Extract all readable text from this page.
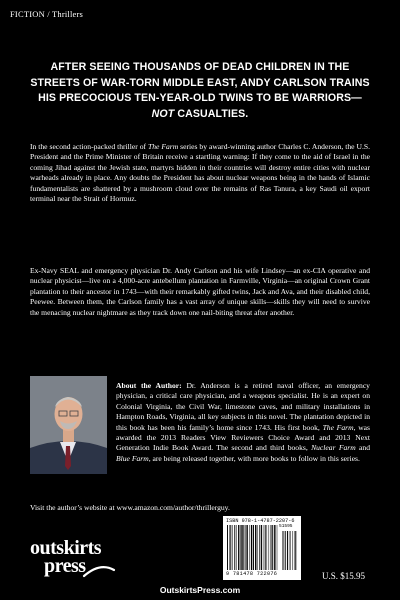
FICTION / Thrillers
AFTER SEEING THOUSANDS OF DEAD CHILDREN IN THE STREETS OF WAR-TORN MIDDLE EAST, ANDY CARLSON TRAINS HIS PRECOCIOUS TEN-YEAR-OLD TWINS TO BE WARRIORS—NOT CASUALTIES.

In the second action-packed thriller of The Farm series by award-winning author Charles C. Anderson, the U.S. President and the Prime Minister of Britain receive a startling warning: If they come to the aid of Israel in the coming Jihad against the Jewish state, martyrs hidden in their countries will destroy entire cities with nuclear warheads already in place. Any doubts the President has about nuclear weapons being in the hands of Islamic fundamentalists are shattered by a mushroom cloud over the remains of Ras Tanura, a key Saudi oil export terminal near the Strait of Hormuz.

Ex-Navy SEAL and emergency physician Dr. Andy Carlson and his wife Lindsey—an ex-CIA operative and nuclear physicist—live on a 4,000-acre antebellum plantation in Farmville, Virginia—an original Crown Grant plantation to their ancestor in 1743—with their remarkably gifted twins, Jack and Ava, and their disabled child, Peewee. Between them, the Carlson family has a vast array of unique skills—skills they will need to survive the menacing nuclear nightmare as they track down one nail-biting threat after another.

About the Author: Dr. Anderson is a retired naval officer, an emergency physician, a critical care physician, and a weapons specialist. He is an expert on Colonial Virginia, the Civil War, limestone caves, and military installations in Hampton Roads, Virginia, all key subjects in this novel. The plantation depicted in this book has been his family’s home since 1743. His first book, The Farm, was awarded the 2013 Readers View Reviewers Choice Award and 2013 Next Generation Indie Book Award. The second and third books, Nuclear Farm and Blue Farm, are being released together, with more books to follow in this series.

Visit the author’s website at www.amazon.com/author/thrillerguy.
ISBN 978-1-4787-2207-6
51595
9 781478 722076
outskirts
press	U.S. $15.95
OutskirtsPress.com
